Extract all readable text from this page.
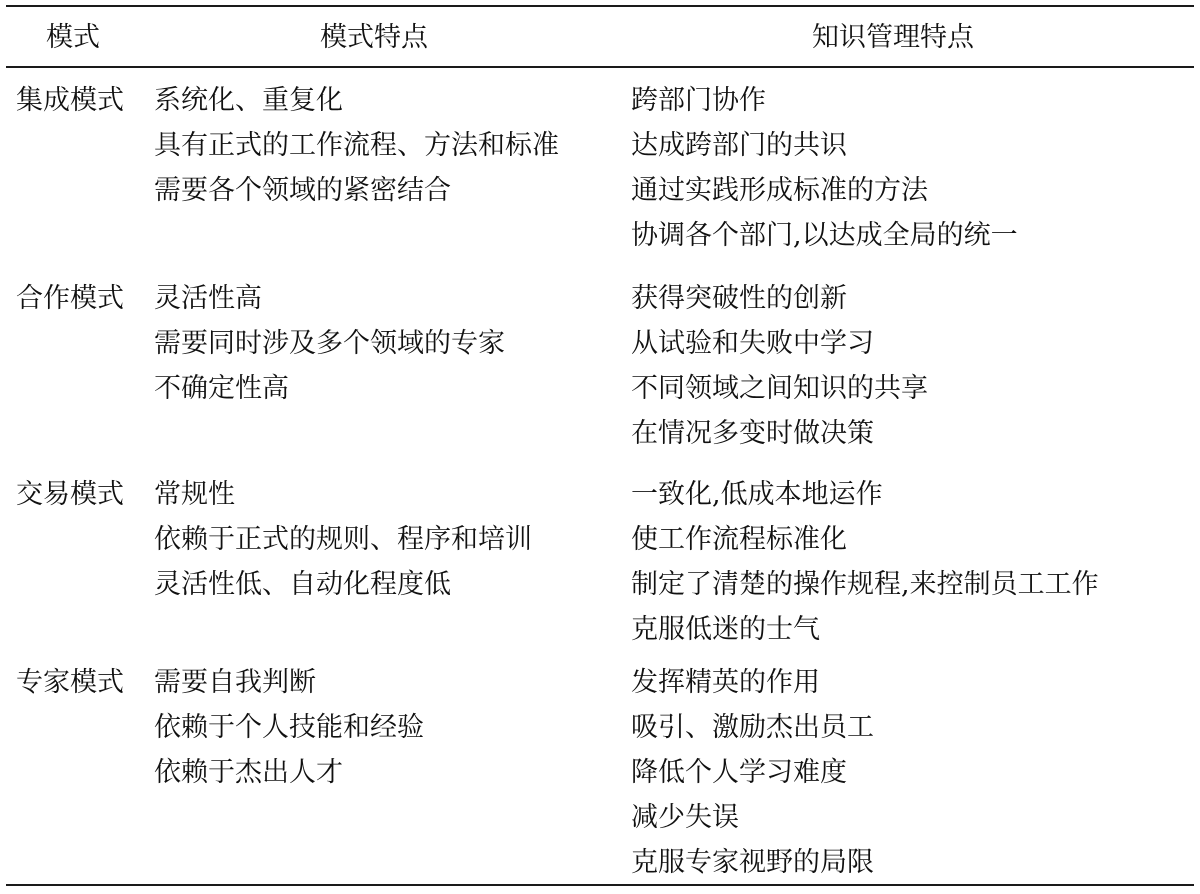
模式	模式特点	知识管理特点
集成模式 系统化、重复化
具有正式的工作流程、方法和标准
需要各个领域的紧密结合
跨部门协作
达成跨部门的共识
通过实践形成标准的方法
协调各个部门,以达成全局的统一
合作模式 灵活性高
需要同时涉及多个领域的专家
不确定性高
获得突破性的创新
从试验和失败中学习
不同领域之间知识的共享
在情况多变时做决策
交易模式 常规性
依赖于正式的规则、程序和培训
灵活性低、自动化程度低
一致化,低成本地运作
使工作流程标准化
制定了清楚的操作规程,来控制员工工作
克服低迷的士气
专家模式 需要自我判断
依赖于个人技能和经验
依赖于杰出人才
发挥精英的作用
吸引、激励杰出员工
降低个人学习难度
减少失误
克服专家视野的局限
